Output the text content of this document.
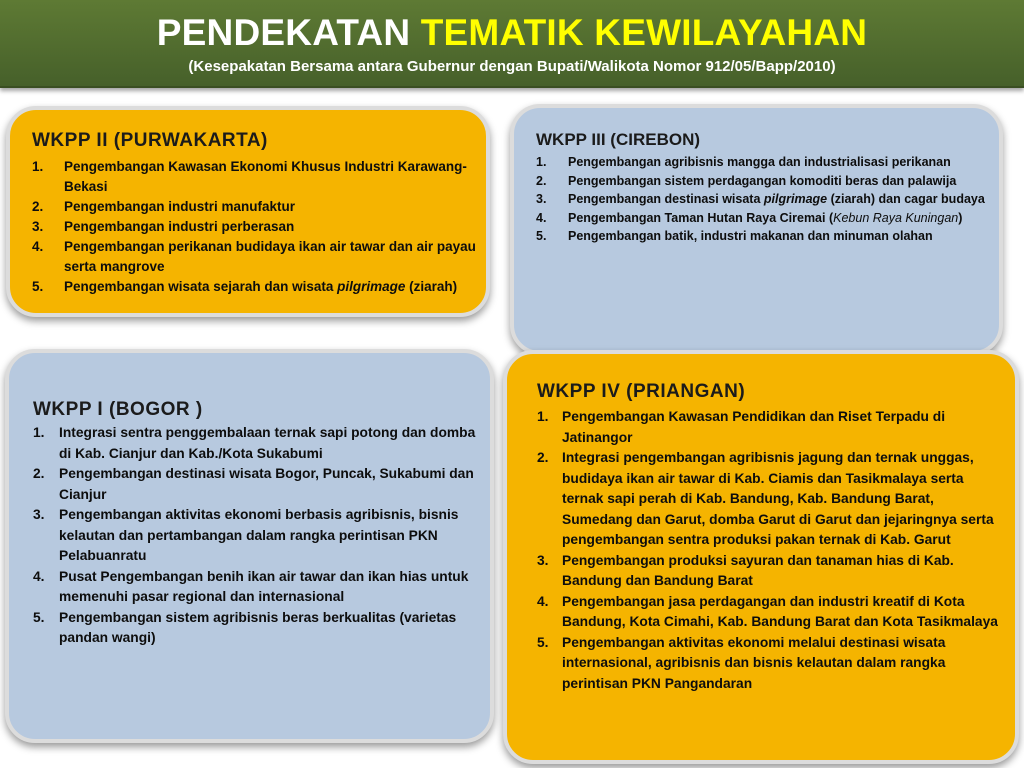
PENDEKATAN TEMATIK KEWILAYAHAN

(Kesepakatan Bersama antara Gubernur dengan Bupati/Walikota Nomor 912/05/Bapp/2010)

WKPP II (PURWAKARTA)
1. Pengembangan Kawasan Ekonomi Khusus Industri Karawang-Bekasi
2. Pengembangan industri manufaktur
3. Pengembangan industri perberasan
4. Pengembangan perikanan budidaya ikan air tawar dan air payau serta mangrove
5. Pengembangan wisata sejarah dan wisata pilgrimage (ziarah)
WKPP III (CIREBON)
1. Pengembangan agribisnis mangga dan industrialisasi perikanan
2. Pengembangan sistem perdagangan komoditi beras dan palawija
3. Pengembangan destinasi wisata pilgrimage (ziarah) dan cagar budaya
4. Pengembangan Taman Hutan Raya Ciremai (Kebun Raya Kuningan)
5. Pengembangan batik, industri makanan dan minuman olahan
WKPP I (BOGOR )
1. Integrasi sentra penggembalaan ternak sapi potong dan domba di Kab. Cianjur dan Kab./Kota Sukabumi
2. Pengembangan destinasi wisata Bogor, Puncak, Sukabumi dan Cianjur
3. Pengembangan aktivitas ekonomi berbasis agribisnis, bisnis kelautan dan pertambangan dalam rangka perintisan PKN Pelabuanratu
4. Pusat Pengembangan benih ikan air tawar dan ikan hias untuk memenuhi pasar regional dan internasional
5. Pengembangan sistem agribisnis beras berkualitas (varietas pandan wangi)
WKPP IV (PRIANGAN)
1. Pengembangan Kawasan Pendidikan dan Riset Terpadu di Jatinangor
2. Integrasi pengembangan agribisnis jagung dan ternak unggas, budidaya ikan air tawar di Kab. Ciamis dan Tasikmalaya serta ternak sapi perah di Kab. Bandung, Kab. Bandung Barat, Sumedang dan Garut, domba Garut di Garut dan jejaringnya serta pengembangan sentra produksi pakan ternak di Kab. Garut
3. Pengembangan produksi sayuran dan tanaman hias di Kab. Bandung dan Bandung Barat
4. Pengembangan jasa perdagangan dan industri kreatif di Kota Bandung, Kota Cimahi, Kab. Bandung Barat dan Kota Tasikmalaya
5. Pengembangan aktivitas ekonomi melalui destinasi wisata internasional, agribisnis dan bisnis kelautan dalam rangka perintisan PKN Pangandaran
